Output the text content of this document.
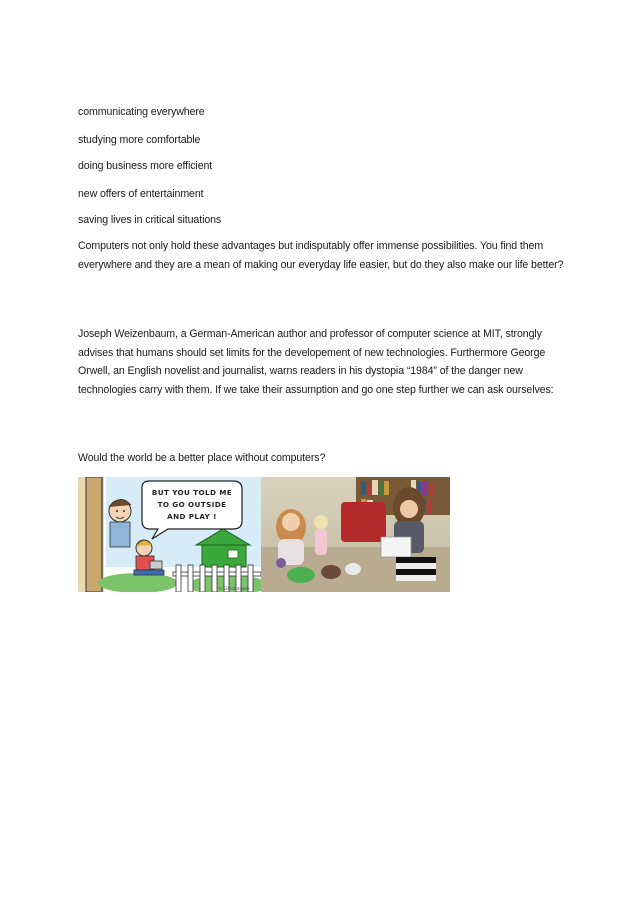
communicating everywhere
studying more comfortable
doing business more efficient
new offers of entertainment
saving lives in critical situations
Computers not only hold these advantages but indisputably offer immense possibilities. You find them everywhere and they are a mean of making our everyday life easier, but do they also make our life better?
Joseph Weizenbaum, a German-American author and professor of computer science at MIT, strongly advises that humans should set limits for the developement of new technologies. Furthermore George Orwell, an English novelist and journalist, warns readers in his dystopia “1984” of the danger new technologies carry with them. If we take their assumption and go one step further we can ask ourselves:
Would the world be a better place without computers?
BUT YOU TOLD ME
TO GO OUTSIDE
AND PLAY !
© Glasbergen
